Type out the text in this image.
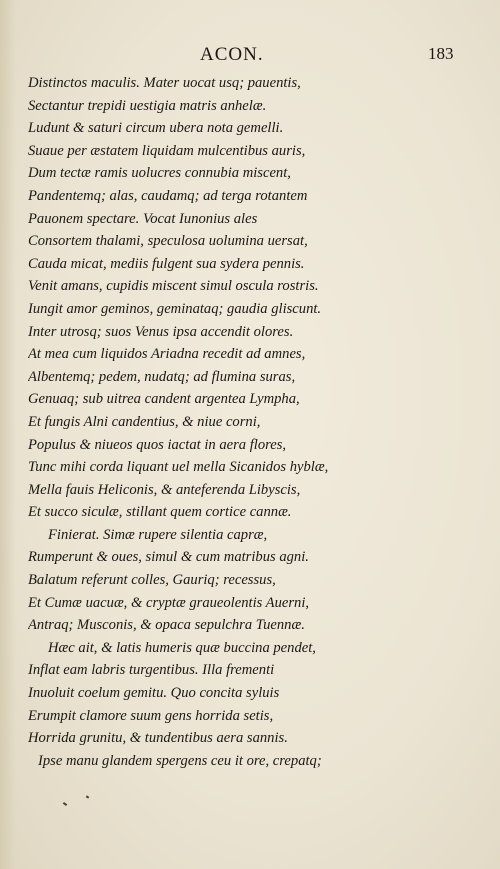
ACON.	183
Distinctos maculis. Mater uocat usq; pauentis,
Sectantur trepidi uestigia matris anhelæ.
Ludunt & saturi circum ubera nota gemelli.
Suaue per æstatem liquidam mulcentibus auris,
Dum tectæ ramis uolucres connubia miscent,
Pandentemq; alas, caudamq; ad terga rotantem
Pauonem spectare. Vocat Iunonius ales
Consortem thalami, speculosa uolumina uersat,
Cauda micat, mediis fulgent sua sydera pennis.
Venit amans, cupidis miscent simul oscula rostris.
Iungit amor geminos, geminataq; gaudia gliscunt.
Inter utrosq; suos Venus ipsa accendit olores.
At mea cum liquidos Ariadna recedit ad amnes,
Albentemq; pedem, nudatq; ad flumina suras,
Genuaq; sub uitrea candent argentea Lympha,
Et fungis Alni candentius, & niue corni,
Populus & niueos quos iactat in aera flores,
Tunc mihi corda liquant uel mella Sicanidos hyblæ,
Mella fauis Heliconis, & anteferenda Libyscis,
Et succo siculæ, stillant quem cortice cannæ.
Finierat. Simæ rupere silentia capræ,
Rumperunt & oues, simul & cum matribus agni.
Balatum referunt colles, Gauriq; recessus,
Et Cumæ uacuæ, & cryptæ graueolentis Auerni,
Antraq; Musconis, & opaca sepulchra Tuennæ.
Hæc ait, & latis humeris quæ buccina pendet,
Inflat eam labris turgentibus. Illa frementi
Inuoluit coelum gemitu. Quo concita syluis
Erumpit clamore suum gens horrida setis,
Horrida grunitu, & tundentibus aera sannis.
Ipse manu glandem spergens ceu it ore, crepatq;
